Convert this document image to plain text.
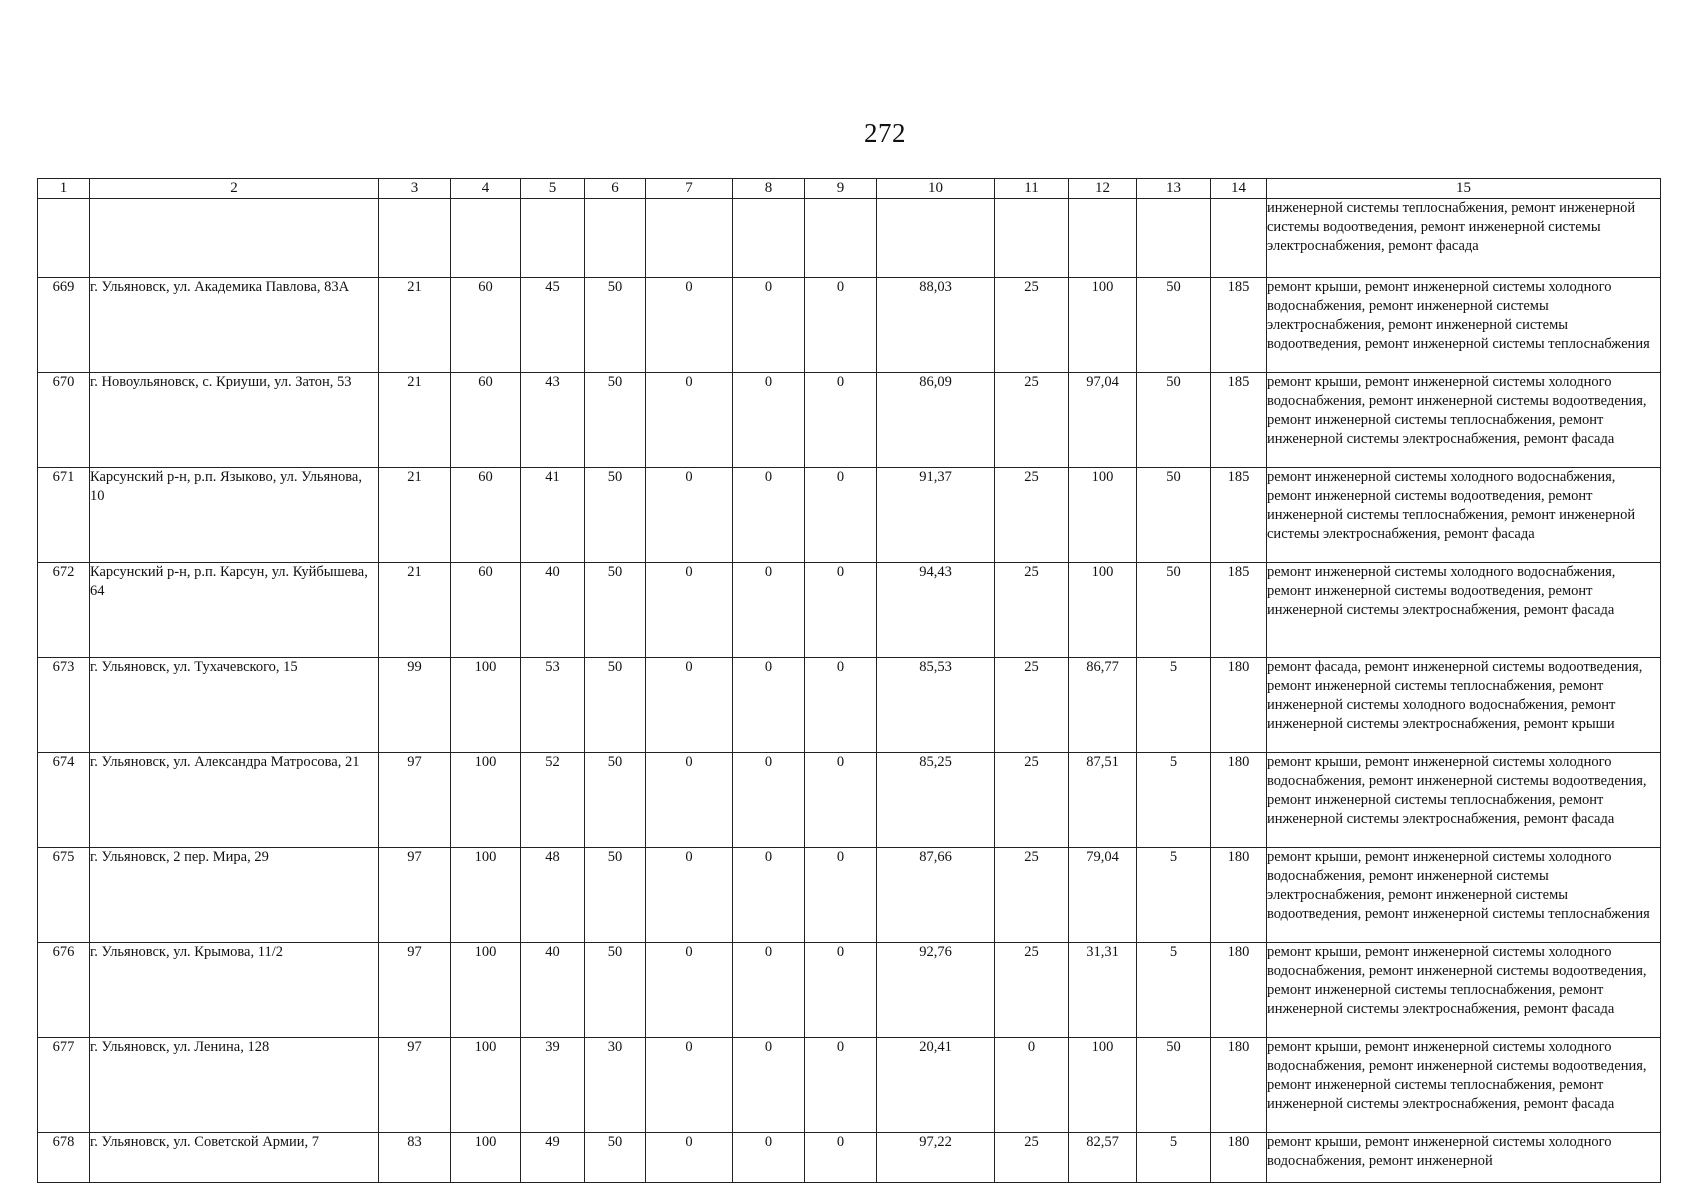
272
1	2	3	4	5	6	7	8	9	10	11	12	13	14	15
														инженерной системы теплоснабжения, ремонт инженерной системы водоотведения, ремонт инженерной системы электроснабжения, ремонт фасада
669	г. Ульяновск, ул. Академика Павлова, 83А	21	60	45	50	0	0	0	88,03	25	100	50	185	ремонт крыши, ремонт инженерной системы холодного водоснабжения, ремонт инженерной системы электроснабжения, ремонт инженерной системы водоотведения, ремонт инженерной системы теплоснабжения
670	г. Новоульяновск, с. Криуши, ул. Затон, 53	21	60	43	50	0	0	0	86,09	25	97,04	50	185	ремонт крыши, ремонт инженерной системы холодного водоснабжения, ремонт инженерной системы водоотведения, ремонт инженерной системы теплоснабжения, ремонт инженерной системы электроснабжения, ремонт фасада
671	Карсунский р-н, р.п. Языково, ул. Ульянова, 10	21	60	41	50	0	0	0	91,37	25	100	50	185	ремонт инженерной системы холодного водоснабжения, ремонт инженерной системы водоотведения, ремонт инженерной системы теплоснабжения, ремонт инженерной системы электроснабжения, ремонт фасада
672	Карсунский р-н, р.п. Карсун, ул. Куйбышева, 64	21	60	40	50	0	0	0	94,43	25	100	50	185	ремонт инженерной системы холодного водоснабжения, ремонт инженерной системы водоотведения, ремонт инженерной системы электроснабжения, ремонт фасада
673	г. Ульяновск, ул. Тухачевского, 15	99	100	53	50	0	0	0	85,53	25	86,77	5	180	ремонт фасада, ремонт инженерной системы водоотведения, ремонт инженерной системы теплоснабжения, ремонт инженерной системы холодного водоснабжения, ремонт инженерной системы электроснабжения, ремонт крыши
674	г. Ульяновск, ул. Александра Матросова, 21	97	100	52	50	0	0	0	85,25	25	87,51	5	180	ремонт крыши, ремонт инженерной системы холодного водоснабжения, ремонт инженерной системы водоотведения, ремонт инженерной системы теплоснабжения, ремонт инженерной системы электроснабжения, ремонт фасада
675	г. Ульяновск, 2 пер. Мира, 29	97	100	48	50	0	0	0	87,66	25	79,04	5	180	ремонт крыши, ремонт инженерной системы холодного водоснабжения, ремонт инженерной системы электроснабжения, ремонт инженерной системы водоотведения, ремонт инженерной системы теплоснабжения
676	г. Ульяновск, ул. Крымова, 11/2	97	100	40	50	0	0	0	92,76	25	31,31	5	180	ремонт крыши, ремонт инженерной системы холодного водоснабжения, ремонт инженерной системы водоотведения, ремонт инженерной системы теплоснабжения, ремонт инженерной системы электроснабжения, ремонт фасада
677	г. Ульяновск, ул. Ленина, 128	97	100	39	30	0	0	0	20,41	0	100	50	180	ремонт крыши, ремонт инженерной системы холодного водоснабжения, ремонт инженерной системы водоотведения, ремонт инженерной системы теплоснабжения, ремонт инженерной системы электроснабжения, ремонт фасада
678	г. Ульяновск, ул. Советской Армии, 7	83	100	49	50	0	0	0	97,22	25	82,57	5	180	ремонт крыши, ремонт инженерной системы холодного водоснабжения, ремонт инженерной
